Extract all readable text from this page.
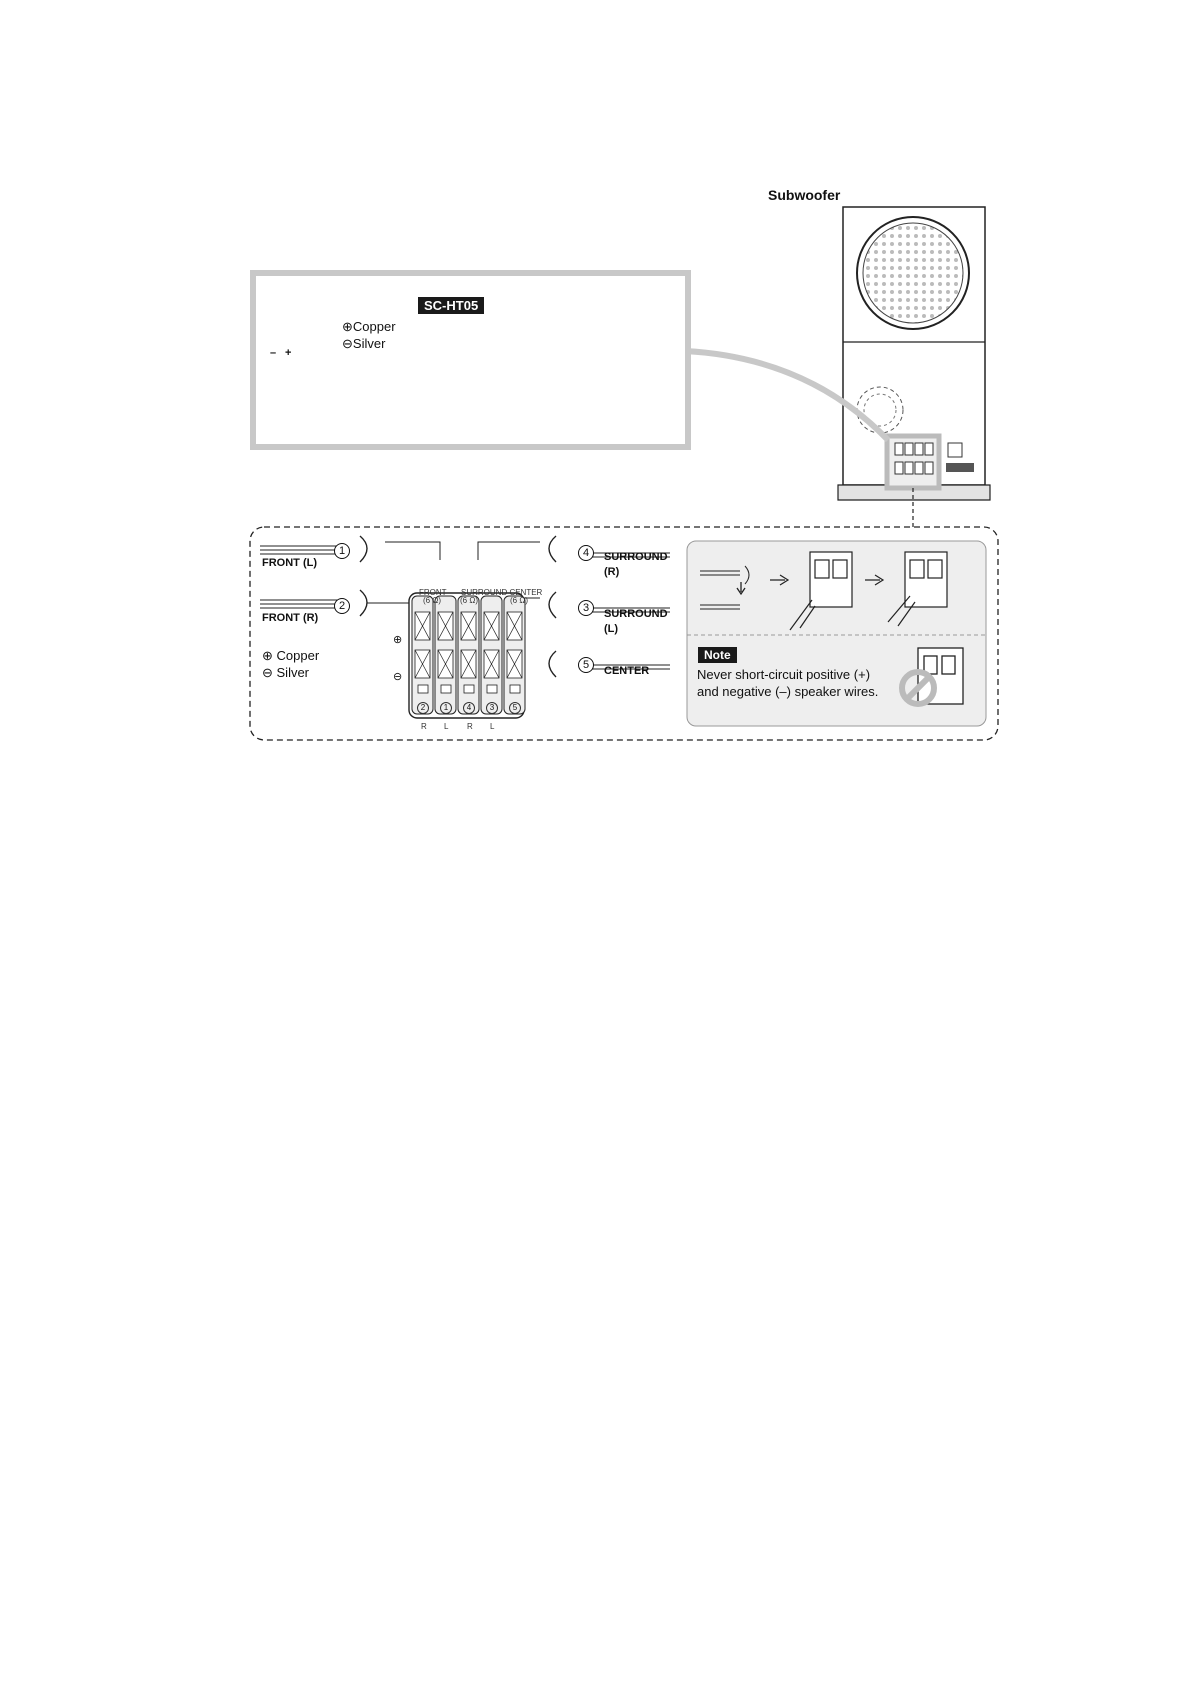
Subwoofer
SC-HT05
⊕Copper
⊖Silver
– +
FRONT (L)
FRONT (R)
1
2
4
3
5
SURROUND
(R)
SURROUND
(L)
CENTER
⊕ Copper
⊖ Silver
FRONT SURROUND CENTER
(6 Ω) (6 Ω)	(6 Ω)
⊕
⊖
2	1	4	3	5
R L R L
Note
Never short-circuit positive (+)
and negative (–) speaker wires.
